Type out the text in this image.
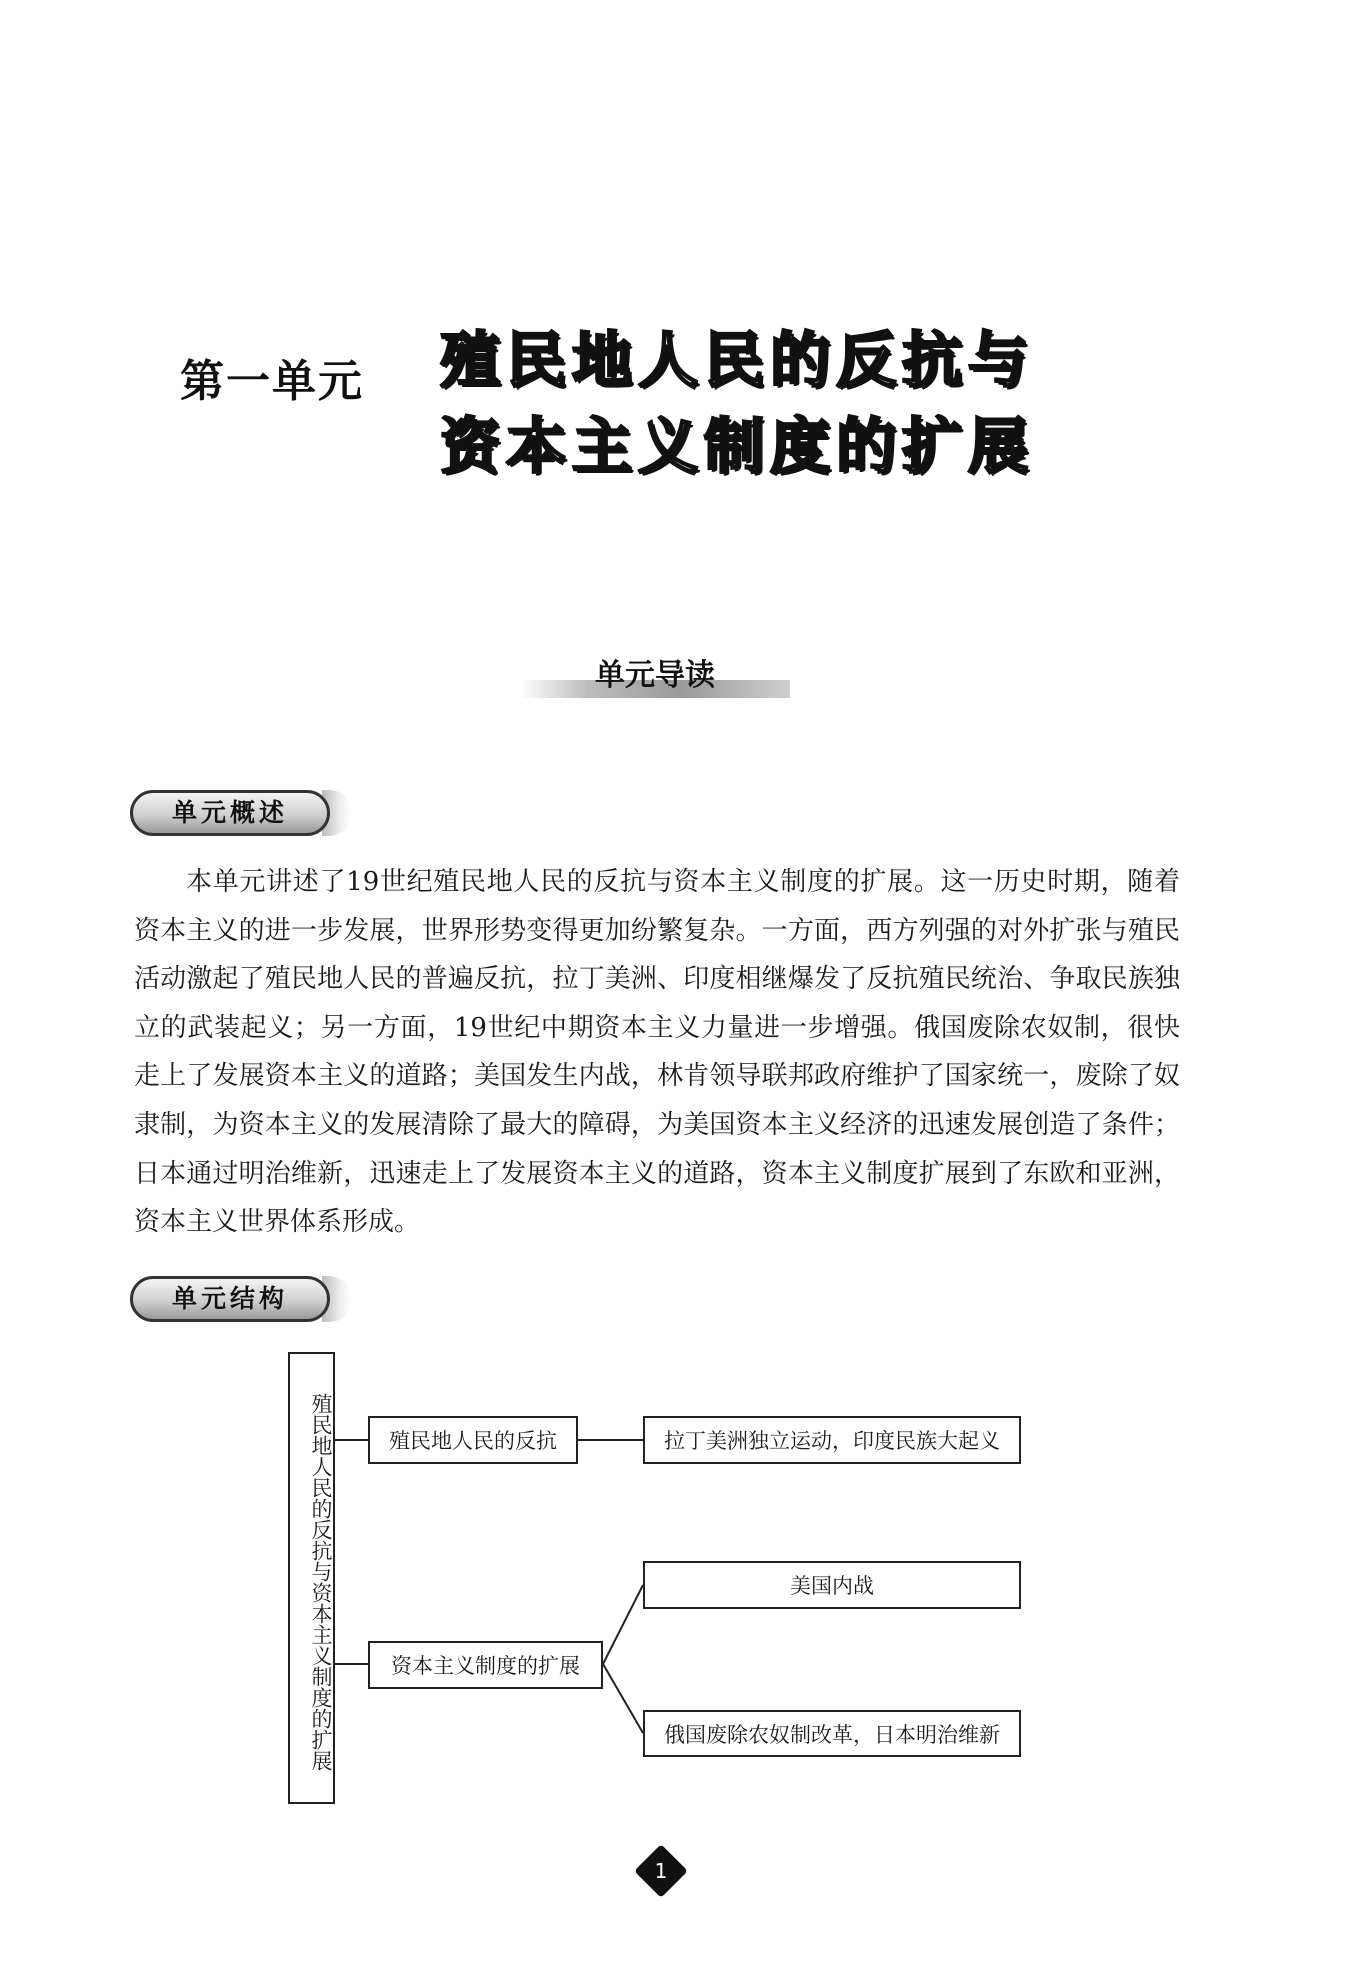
第一单元 殖民地人民的反抗与
资本主义制度的扩展
单元导读
单元概述

本单元讲述了19世纪殖民地人民的反抗与资本主义制度的扩展。这一历史时期，随着资本主义的进一步发展，世界形势变得更加纷繁复杂。一方面，西方列强的对外扩张与殖民活动激起了殖民地人民的普遍反抗，拉丁美洲、印度相继爆发了反抗殖民统治、争取民族独立的武装起义；另一方面，19世纪中期资本主义力量进一步增强。俄国废除农奴制，很快走上了发展资本主义的道路；美国发生内战，林肯领导联邦政府维护了国家统一，废除了奴隶制，为资本主义的发展清除了最大的障碍，为美国资本主义经济的迅速发展创造了条件；日本通过明治维新，迅速走上了发展资本主义的道路，资本主义制度扩展到了东欧和亚洲，资本主义世界体系形成。

单元结构
殖民地人民的反抗与资本主义制度的扩展	殖民地人民的反抗	拉丁美洲独立运动，印度民族大起义
资本主义制度的扩展
美国内战
俄国废除农奴制改革，日本明治维新
1
